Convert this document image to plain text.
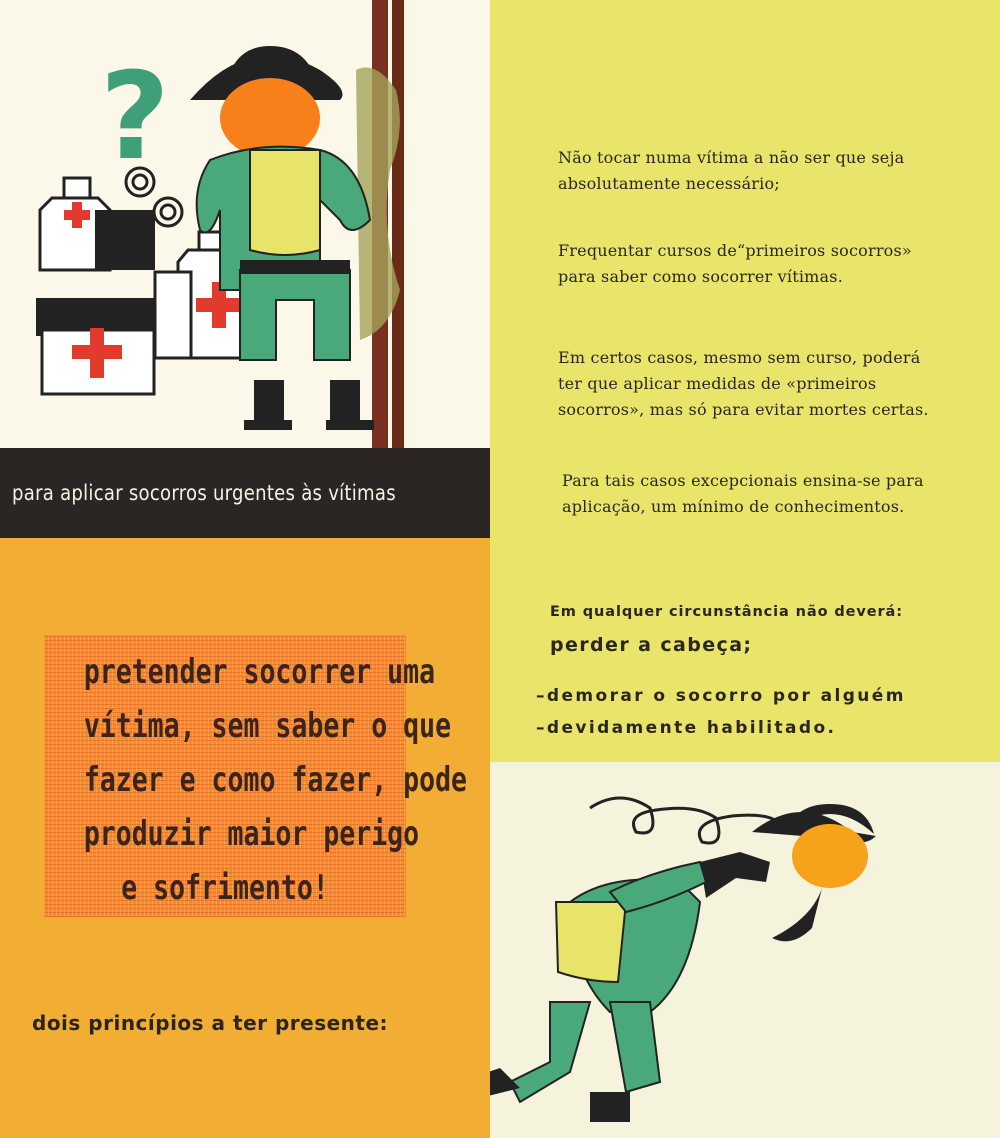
?
para aplicar socorros urgentes às vítimas
pretender socorrer uma
vítima, sem saber o que
fazer e como fazer, pode
produzir maior perigo
e sofrimento!
dois princípios a ter presente:
Não tocar numa vítima a não ser que seja
absolutamente necessário;
Frequentar cursos de“primeiros socorros»
para saber como socorrer vítimas.
Em certos casos, mesmo sem curso, poderá
ter que aplicar medidas de «primeiros
socorros», mas só para evitar mortes certas.
Para tais casos excepcionais ensina-se para
aplicação, um mínimo de conhecimentos.
Em qualquer circunstância não deverá:
perder a cabeça;
–demorar o socorro por alguém
–devidamente habilitado.
